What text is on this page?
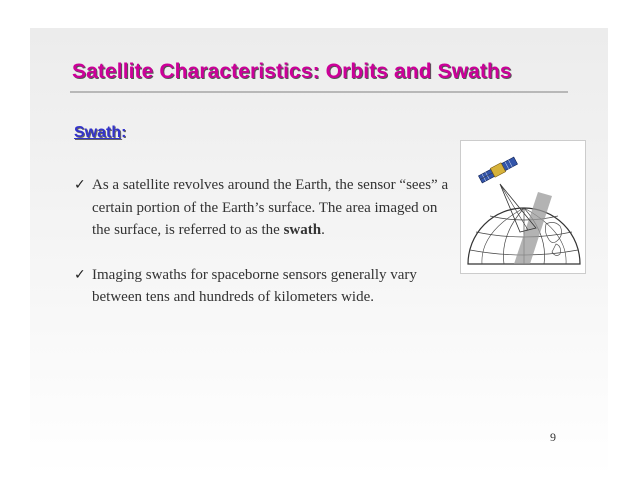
Satellite Characteristics: Orbits and Swaths
Swath:
✓ As a satellite revolves around the Earth, the sensor “sees” a certain portion of the Earth’s surface. The area imaged on the surface, is referred to as the swath.
✓ Imaging swaths for spaceborne sensors generally vary between tens and hundreds of kilometers wide.
9
